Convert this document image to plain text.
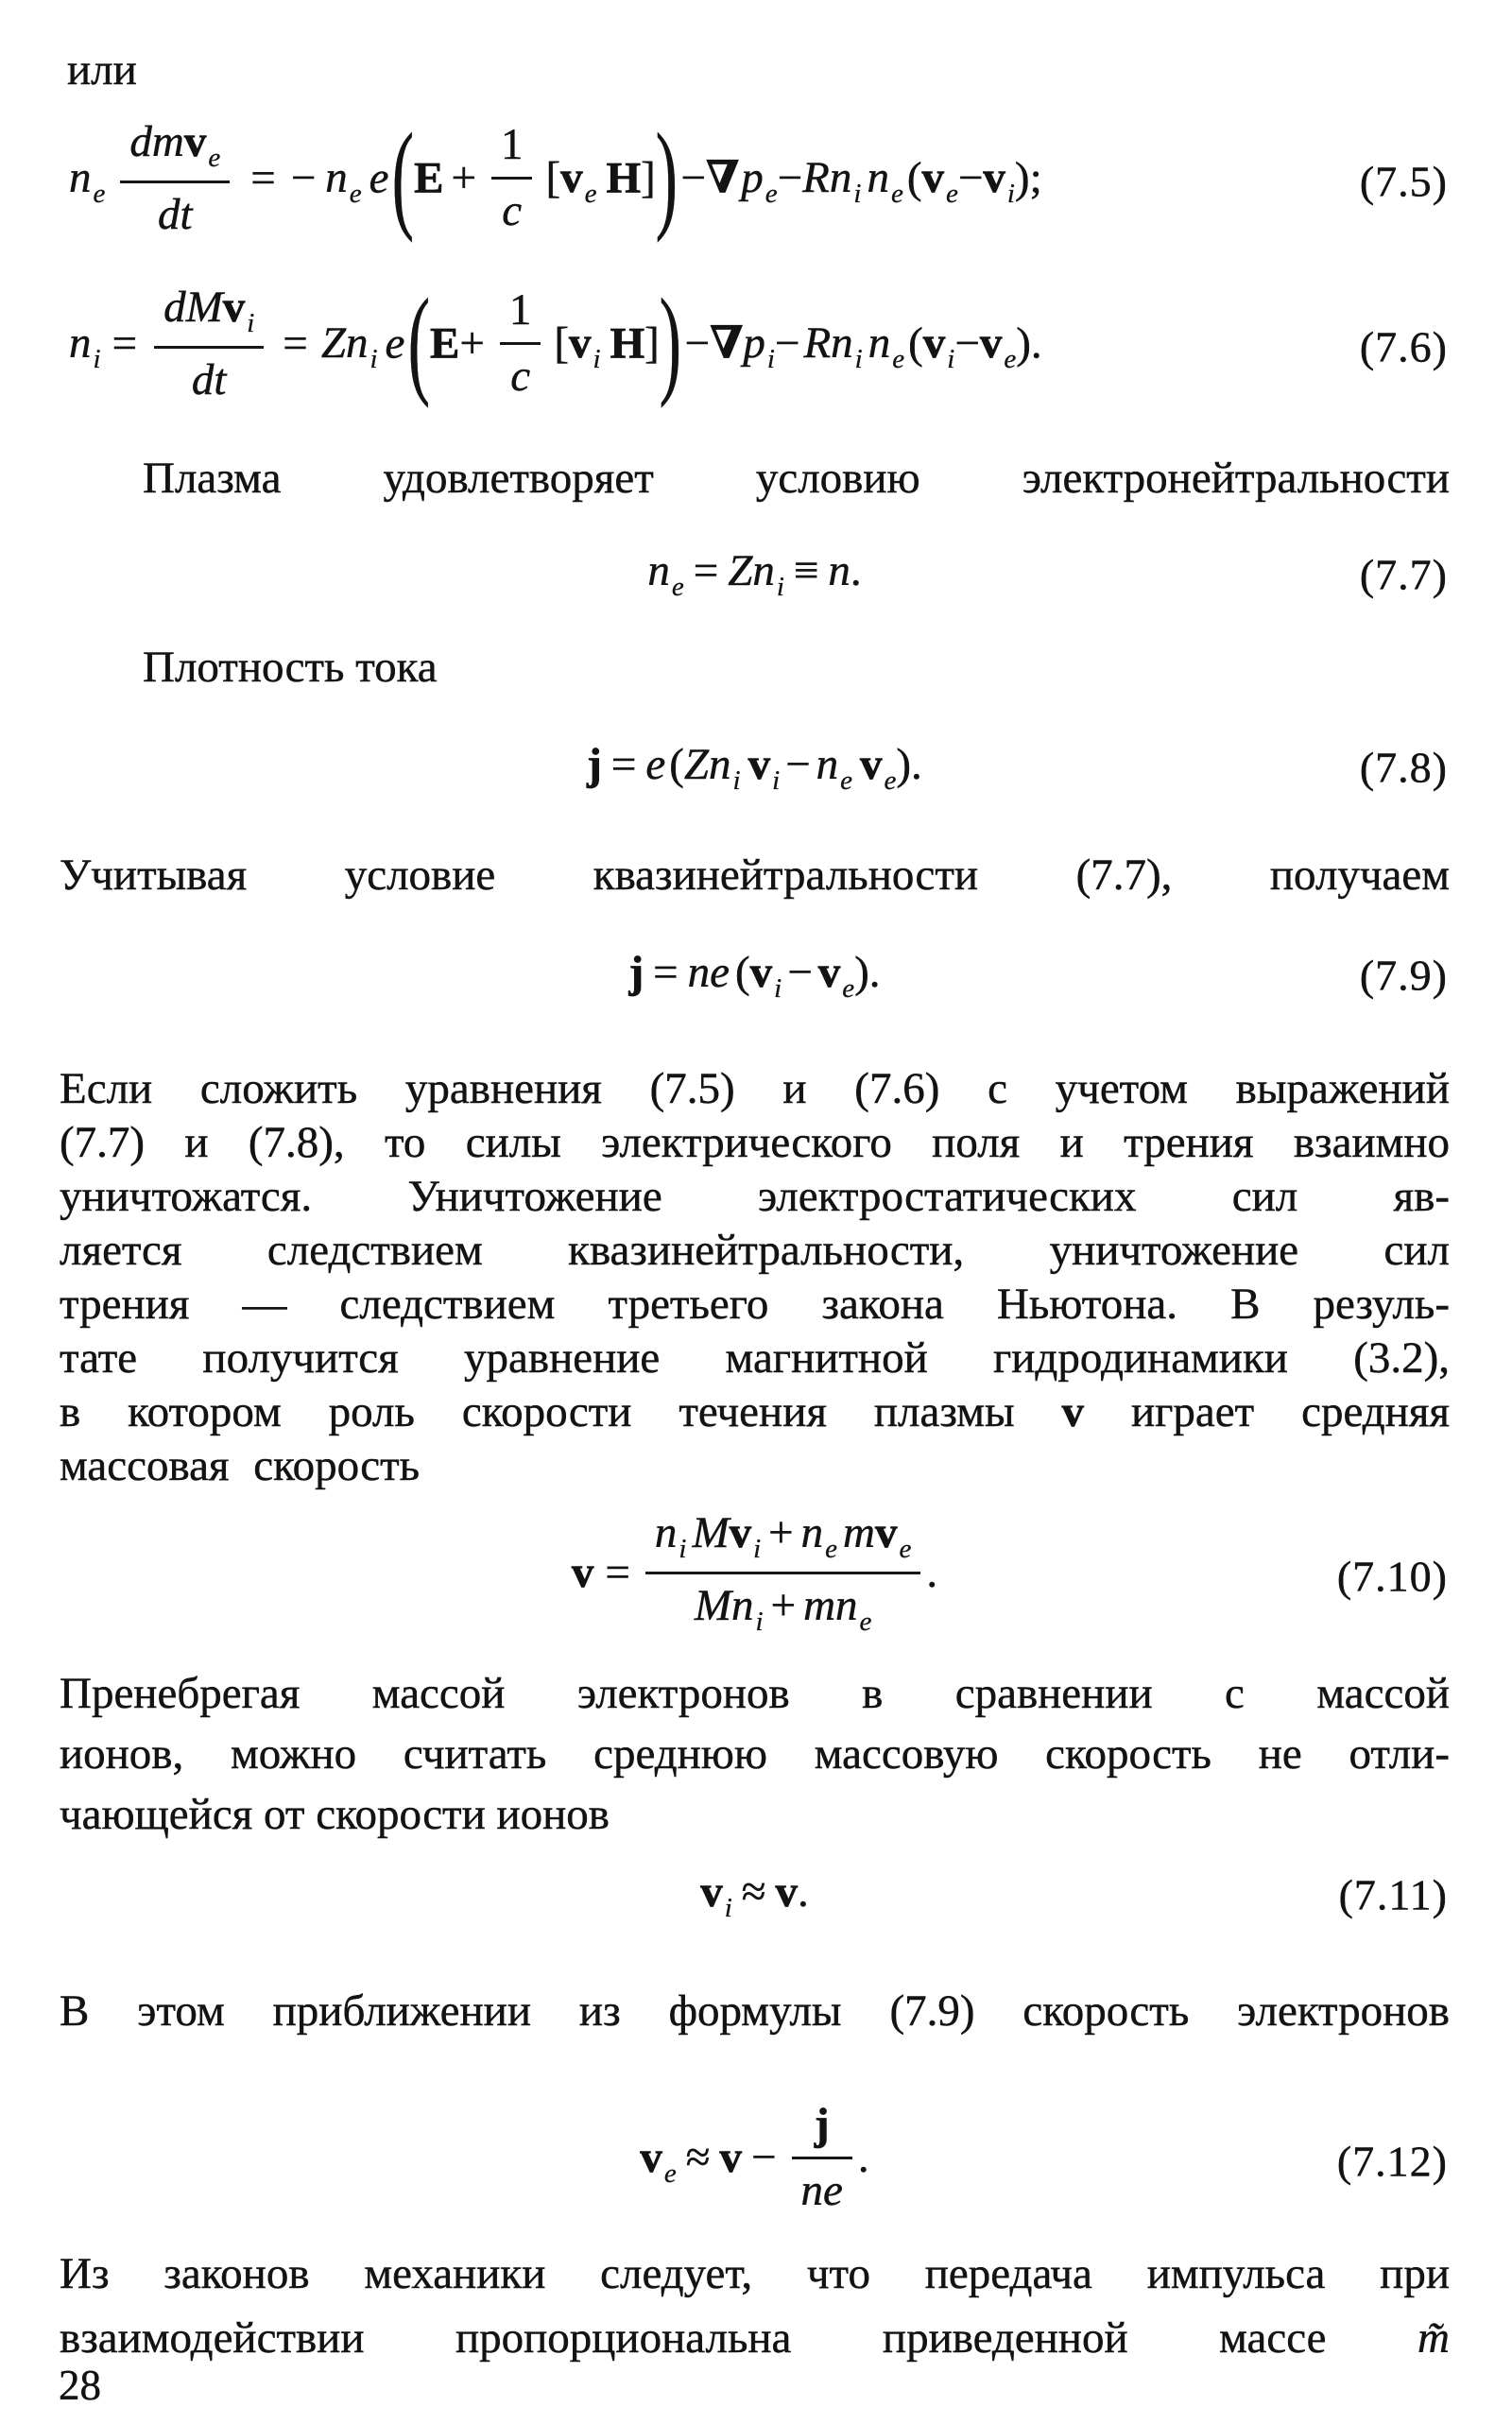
или
$n_e \frac{dmv_e}{dt}$ = − $n_e$ $e(E + \frac{1}{c} [v_e$ $H])-\nabla p_e-Rn_i$ $n_e(v_e-v_i)$;	(7.5)
$n_i = \frac{dMv_i}{dt} = Zn_i$ $e(E+ \frac{1}{c} [v_i$ $H])-\nabla p_i-Rn_i$ $n_e(v_i-v_e)$.	(7.6)
Плазма удовлетворяет условию электронейтральности
$n_e = Zn_i \equiv n$.	(7.7)
Плотность тока
$j = e(Zn_i$ $v_i - n_e$ $v_e$).	(7.8)
Учитывая условие квазинейтральности (7.7), получаем
j = ne $(v_i - v_e)$.	(7.9)
Если сложить уравнения (7.5) и (7.6) с учетом выражений
(7.7) и (7.8), то силы электрического поля и трения взаимно
уничтожатся. Уничтожение электростатических сил яв-
ляется следствием квазинейтральности, уничтожение сил
трения — следствием третьего закона Ньютона. В резуль-
тате получится уравнение магнитной гидродинамики (3.2),
в котором роль скорости течения плазмы v играет средняя
массовая скорость
$v = \frac{n_i Mv_i + n_e mv_e}{Mn_i + mn_e}$ .	(7.10)
Пренебрегая массой электронов в сравнении с массой
ионов, можно считать среднюю массовую скорость не отли-
чающейся от скорости ионов
$v_i \approx v$.	(7.11)
В этом приближении из формулы (7.9) скорость электронов
$v_e \approx v - \frac{j}{ne}$ .	(7.12)
Из законов механики следует, что передача импульса при
взаимодействии пропорциональна приведенной массе m̃
28
